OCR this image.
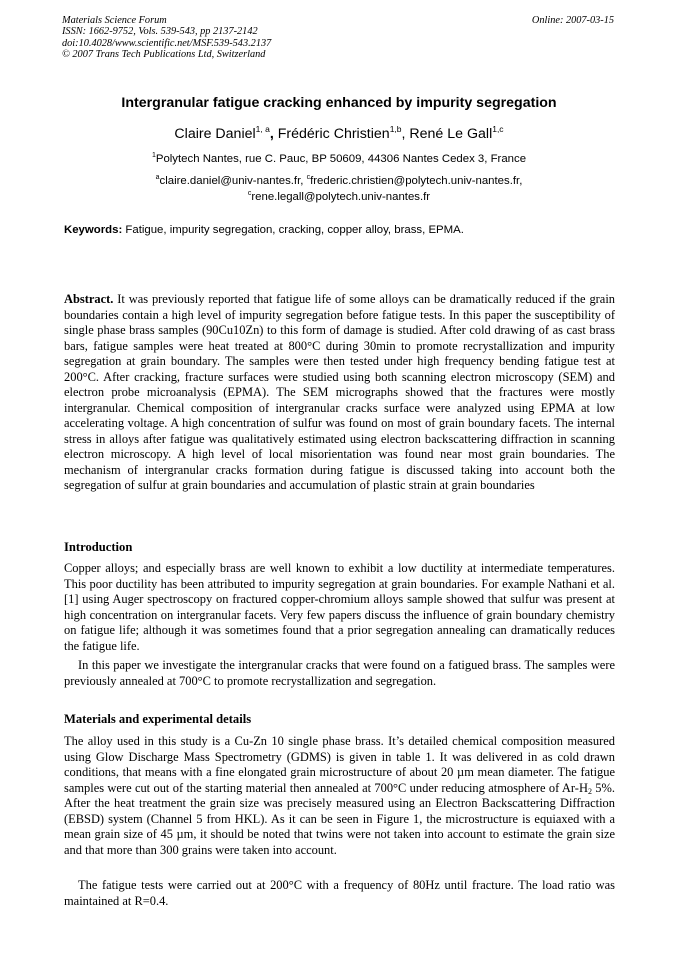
Materials Science Forum
ISSN: 1662-9752, Vols. 539-543, pp 2137-2142
doi:10.4028/www.scientific.net/MSF.539-543.2137
© 2007 Trans Tech Publications Ltd, Switzerland
Online: 2007-03-15
Intergranular fatigue cracking enhanced by impurity segregation
Claire Daniel$^{1, a}$, Frédéric Christien$^{1,b}$, René Le Gall$^{1,c}$
$^1$Polytech Nantes, rue C. Pauc, BP 50609, 44306 Nantes Cedex 3, France
$^a$claire.daniel@univ-nantes.fr, $^c$frederic.christien@polytech.univ-nantes.fr,
$^c$rene.legall@polytech.univ-nantes.fr
Keywords: Fatigue, impurity segregation, cracking, copper alloy, brass, EPMA.
Abstract. It was previously reported that fatigue life of some alloys can be dramatically reduced if the grain boundaries contain a high level of impurity segregation before fatigue tests. In this paper the susceptibility of single phase brass samples (90Cu10Zn) to this form of damage is studied. After cold drawing of as cast brass bars, fatigue samples were heat treated at 800°C during 30min to promote recrystallization and impurity segregation at grain boundary. The samples were then tested under high frequency bending fatigue test at 200°C. After cracking, fracture surfaces were studied using both scanning electron microscopy (SEM) and electron probe microanalysis (EPMA). The SEM micrographs showed that the fractures were mostly intergranular. Chemical composition of intergranular cracks surface were analyzed using EPMA at low accelerating voltage. A high concentration of sulfur was found on most of grain boundary facets. The internal stress in alloys after fatigue was qualitatively estimated using electron backscattering diffraction in scanning electron microscopy. A high level of local misorientation was found near most grain boundaries. The mechanism of intergranular cracks formation during fatigue is discussed taking into account both the segregation of sulfur at grain boundaries and accumulation of plastic strain at grain boundaries
Introduction
Copper alloys; and especially brass are well known to exhibit a low ductility at intermediate temperatures. This poor ductility has been attributed to impurity segregation at grain boundaries. For example Nathani et al. [1] using Auger spectroscopy on fractured copper-chromium alloys sample showed that sulfur was present at high concentration on intergranular facets. Very few papers discuss the influence of grain boundary chemistry on fatigue life; although it was sometimes found that a prior segregation annealing can dramatically reduces the fatigue life.
In this paper we investigate the intergranular cracks that were found on a fatigued brass. The samples were previously annealed at 700°C to promote recrystallization and segregation.
Materials and experimental details
The alloy used in this study is a Cu-Zn 10 single phase brass. It’s detailed chemical composition measured using Glow Discharge Mass Spectrometry (GDMS) is given in table 1. It was delivered in as cold drawn conditions, that means with a fine elongated grain microstructure of about 20 µm mean diameter. The fatigue samples were cut out of the starting material then annealed at 700°C under reducing atmosphere of $Ar-H_2$ 5%. After the heat treatment the grain size was precisely measured using an Electron Backscattering Diffraction (EBSD) system (Channel 5 from HKL). As it can be seen in Figure 1, the microstructure is equiaxed with a mean grain size of 45 µm, it should be noted that twins were not taken into account to estimate the grain size and that more than 300 grains were taken into account.
The fatigue tests were carried out at 200°C with a frequency of 80Hz until fracture. The load ratio was maintained at R=0.4.
